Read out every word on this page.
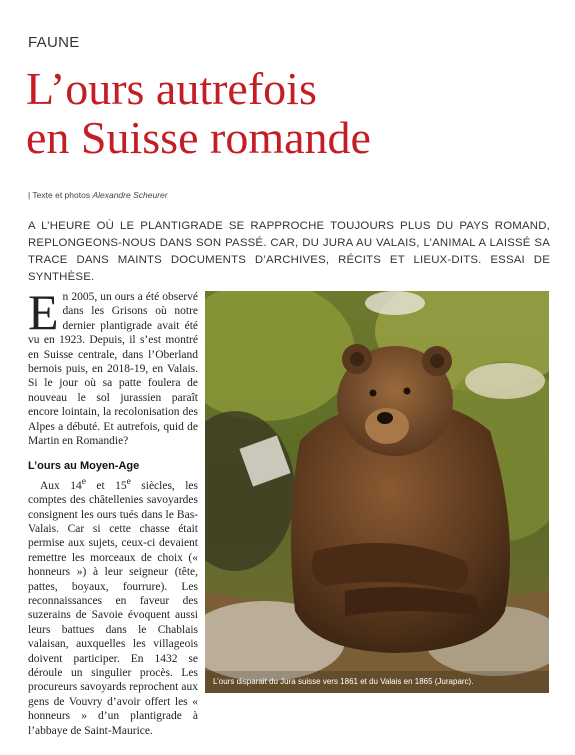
FAUNE
L’ours autrefois
en Suisse romande
| Texte et photos Alexandre Scheurer
A L’HEURE OÙ LE PLANTIGRADE SE RAPPROCHE TOUJOURS PLUS DU PAYS ROMAND, REPLONGEONS-NOUS DANS SON PASSÉ. CAR, DU JURA AU VALAIS, L’ANIMAL A LAISSÉ SA TRACE DANS MAINTS DOCUMENTS D’ARCHIVES, RÉCITS ET LIEUX-DITS. ESSAI DE SYNTHÈSE.

En 2005, un ours a été observé dans les Grisons où notre dernier plantigrade avait été vu en 1923. Depuis, il s’est montré en Suisse centrale, dans l’Oberland bernois puis, en 2018-19, en Valais. Si le jour où sa patte foulera de nouveau le sol jurassien paraît encore lointain, la recolonisation des Alpes a débuté. Et autrefois, quid de Martin en Romandie?

L’ours au Moyen-Age

Aux 14e et 15e siècles, les comptes des châtellenies savoyardes consignent les ours tués dans le Bas-Valais. Car si cette chasse était permise aux sujets, ceux-ci devaient remettre les morceaux de choix (« honneurs ») à leur seigneur (tête, pattes, boyaux, fourrure). Les reconnaissances en faveur des suzerains de Savoie évoquent aussi leurs battues dans le Chablais valaisan, auxquelles les villageois doivent participer. En 1432 se déroule un singulier procès. Les procureurs savoyards reprochent aux gens de Vouvry d’avoir offert les « honneurs » d’un plantigrade à l’abbaye de Saint-Maurice.

L’ours disparait du Jura suisse vers 1861 et du Valais en 1865 (Juraparc).
